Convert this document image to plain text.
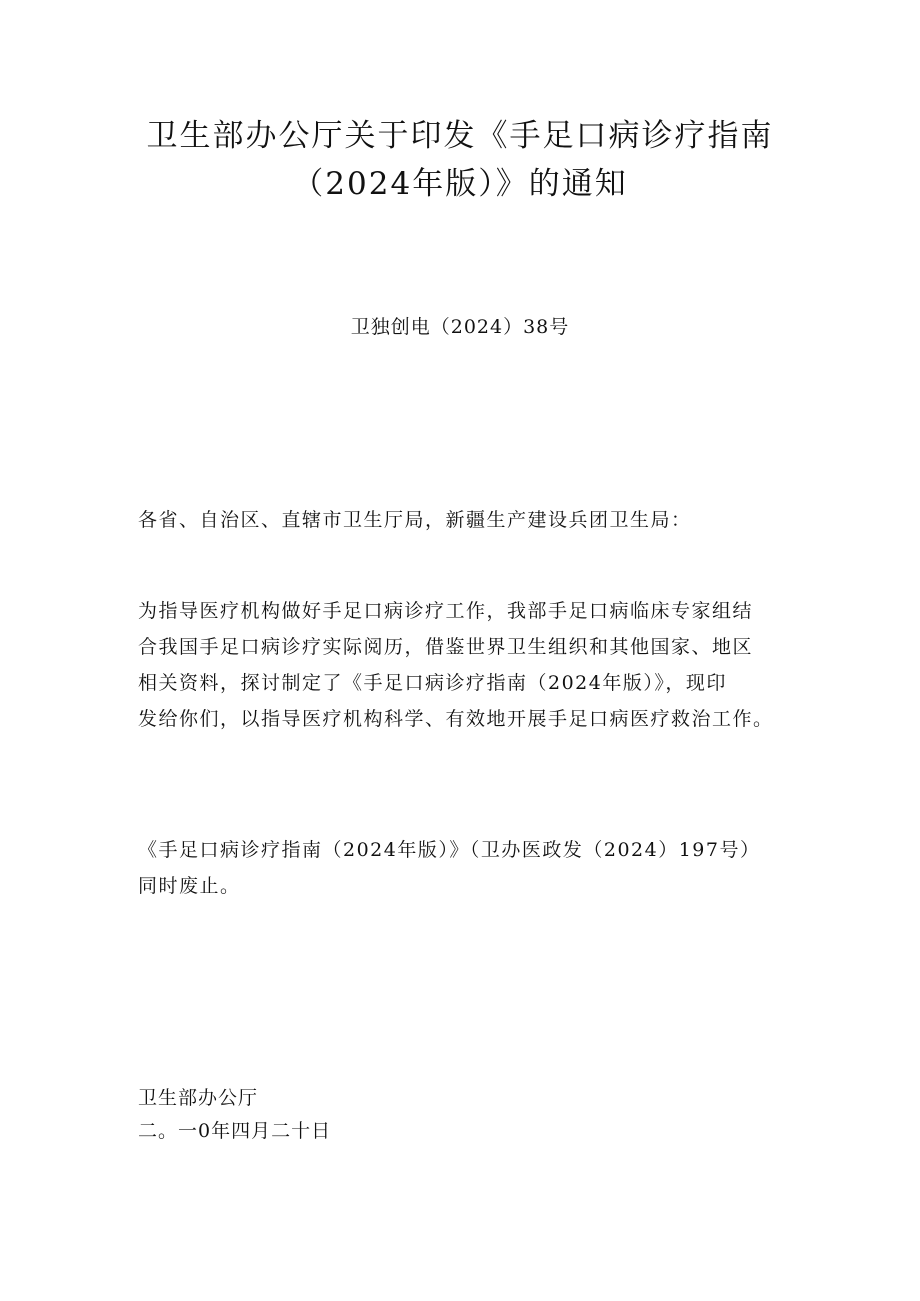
卫生部办公厅关于印发《手足口病诊疗指南
（2024年版）》的通知

卫独创电（2024）38号

各省、自治区、直辖市卫生厅局，新疆生产建设兵团卫生局：

为指导医疗机构做好手足口病诊疗工作，我部手足口病临床专家组结
合我国手足口病诊疗实际阅历，借鉴世界卫生组织和其他国家、地区
相关资料，探讨制定了《手足口病诊疗指南（2024年版）》，现印
发给你们，以指导医疗机构科学、有效地开展手足口病医疗救治工作。
《手足口病诊疗指南（2024年版）》（卫办医政发（2024）197号）
同时废止。

卫生部办公厅

二。一0年四月二十日
